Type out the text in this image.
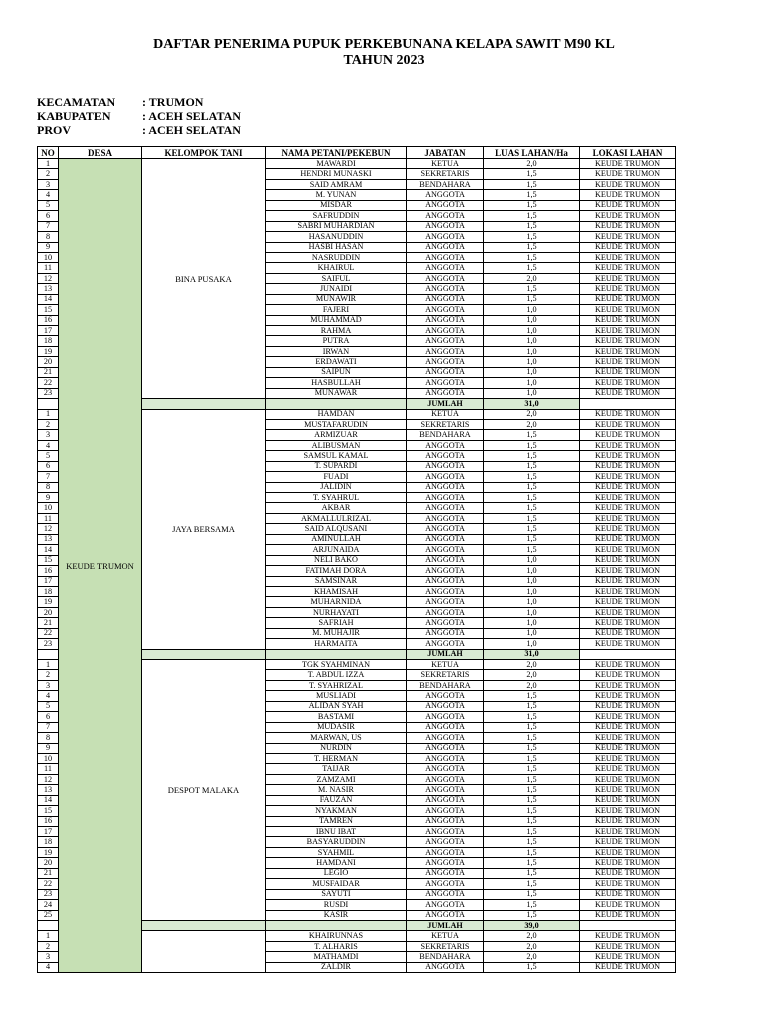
DAFTAR PENERIMA PUPUK PERKEBUNANA KELAPA SAWIT M90 KL
TAHUN 2023
KECAMATAN : TRUMON
KABUPATEN	: ACEH SELATAN
PROV	: ACEH SELATAN
NO	DESA	KELOMPOK TANI	NAMA PETANI/PEKEBUN	JABATAN	LUAS LAHAN/Ha	LOKASI LAHAN
1	KEUDE TRUMON	BINA PUSAKA	MAWARDI	KETUA	2,0	KEUDE TRUMON
2			HENDRI MUNASKI	SEKRETARIS	1,5	KEUDE TRUMON
3			SAID AMRAM	BENDAHARA	1,5	KEUDE TRUMON
4			M. YUNAN	ANGGOTA	1,5	KEUDE TRUMON
5			MISDAR	ANGGOTA	1,5	KEUDE TRUMON
6			SAFRUDDIN	ANGGOTA	1,5	KEUDE TRUMON
7			SABRI MUHARDIAN	ANGGOTA	1,5	KEUDE TRUMON
8			HASANUDDIN	ANGGOTA	1,5	KEUDE TRUMON
9			HASBI HASAN	ANGGOTA	1,5	KEUDE TRUMON
10			NASRUDDIN	ANGGOTA	1,5	KEUDE TRUMON
11			KHAIRUL	ANGGOTA	1,5	KEUDE TRUMON
12			SAIFUL	ANGGOTA	2,0	KEUDE TRUMON
13			JUNAIDI	ANGGOTA	1,5	KEUDE TRUMON
14			MUNAWIR	ANGGOTA	1,5	KEUDE TRUMON
15			FAJERI	ANGGOTA	1,0	KEUDE TRUMON
16			MUHAMMAD	ANGGOTA	1,0	KEUDE TRUMON
17			RAHMA	ANGGOTA	1,0	KEUDE TRUMON
18			PUTRA	ANGGOTA	1,0	KEUDE TRUMON
19			IRWAN	ANGGOTA	1,0	KEUDE TRUMON
20			ERDAWATI	ANGGOTA	1,0	KEUDE TRUMON
21			SAIPUN	ANGGOTA	1,0	KEUDE TRUMON
22			HASBULLAH	ANGGOTA	1,0	KEUDE TRUMON
23			MUNAWAR	ANGGOTA	1,0	KEUDE TRUMON
				JUMLAH	31,0	
1		JAYA BERSAMA	HAMDAN	KETUA	2,0	KEUDE TRUMON
2			MUSTAFARUDIN	SEKRETARIS	2,0	KEUDE TRUMON
3			ARMIZUAR	BENDAHARA	1,5	KEUDE TRUMON
4			ALIBUSMAN	ANGGOTA	1,5	KEUDE TRUMON
5			SAMSUL KAMAL	ANGGOTA	1,5	KEUDE TRUMON
6			T. SUPARDI	ANGGOTA	1,5	KEUDE TRUMON
7			FUADI	ANGGOTA	1,5	KEUDE TRUMON
8			JALIDIN	ANGGOTA	1,5	KEUDE TRUMON
9			T. SYAHRUL	ANGGOTA	1,5	KEUDE TRUMON
10			AKBAR	ANGGOTA	1,5	KEUDE TRUMON
11			AKMALLULRIZAL	ANGGOTA	1,5	KEUDE TRUMON
12			SAID ALQUSANI	ANGGOTA	1,5	KEUDE TRUMON
13			AMINULLAH	ANGGOTA	1,5	KEUDE TRUMON
14			ARJUNAIDA	ANGGOTA	1,5	KEUDE TRUMON
15			NELI BAKO	ANGGOTA	1,0	KEUDE TRUMON
16			FATIMAH DORA	ANGGOTA	1,0	KEUDE TRUMON
17			SAMSINAR	ANGGOTA	1,0	KEUDE TRUMON
18			KHAMISAH	ANGGOTA	1,0	KEUDE TRUMON
19			MUHARNIDA	ANGGOTA	1,0	KEUDE TRUMON
20			NURHAYATI	ANGGOTA	1,0	KEUDE TRUMON
21			SAFRIAH	ANGGOTA	1,0	KEUDE TRUMON
22			M. MUHAJIR	ANGGOTA	1,0	KEUDE TRUMON
23			HARMAITA	ANGGOTA	1,0	KEUDE TRUMON
				JUMLAH	31,0	
1		DESPOT MALAKA	TGK SYAHMINAN	KETUA	2,0	KEUDE TRUMON
2			T. ABDUL IZZA	SEKRETARIS	2,0	KEUDE TRUMON
3			T. SYAHRIZAL	BENDAHARA	2,0	KEUDE TRUMON
4			MUSLIADI	ANGGOTA	1,5	KEUDE TRUMON
5			ALIDAN SYAH	ANGGOTA	1,5	KEUDE TRUMON
6			BASTAMI	ANGGOTA	1,5	KEUDE TRUMON
7			MUDASIR	ANGGOTA	1,5	KEUDE TRUMON
8			MARWAN, US	ANGGOTA	1,5	KEUDE TRUMON
9			NURDIN	ANGGOTA	1,5	KEUDE TRUMON
10			T. HERMAN	ANGGOTA	1,5	KEUDE TRUMON
11			TAIJAR	ANGGOTA	1,5	KEUDE TRUMON
12			ZAMZAMI	ANGGOTA	1,5	KEUDE TRUMON
13			M. NASIR	ANGGOTA	1,5	KEUDE TRUMON
14			FAUZAN	ANGGOTA	1,5	KEUDE TRUMON
15			NYAKMAN	ANGGOTA	1,5	KEUDE TRUMON
16			TAMREN	ANGGOTA	1,5	KEUDE TRUMON
17			IBNU IBAT	ANGGOTA	1,5	KEUDE TRUMON
18			BASYARUDDIN	ANGGOTA	1,5	KEUDE TRUMON
19			SYAHMIL	ANGGOTA	1,5	KEUDE TRUMON
20			HAMDANI	ANGGOTA	1,5	KEUDE TRUMON
21			LEGIO	ANGGOTA	1,5	KEUDE TRUMON
22			MUSFAIDAR	ANGGOTA	1,5	KEUDE TRUMON
23			SAYUTI	ANGGOTA	1,5	KEUDE TRUMON
24			RUSDI	ANGGOTA	1,5	KEUDE TRUMON
25			KASIR	ANGGOTA	1,5	KEUDE TRUMON
				JUMLAH	39,0	
1			KHAIRUNNAS	KETUA	2,0	KEUDE TRUMON
2			T. ALHARIS	SEKRETARIS	2,0	KEUDE TRUMON
3			MATHAMDI	BENDAHARA	2,0	KEUDE TRUMON
4			ZALDIR	ANGGOTA	1,5	KEUDE TRUMON
